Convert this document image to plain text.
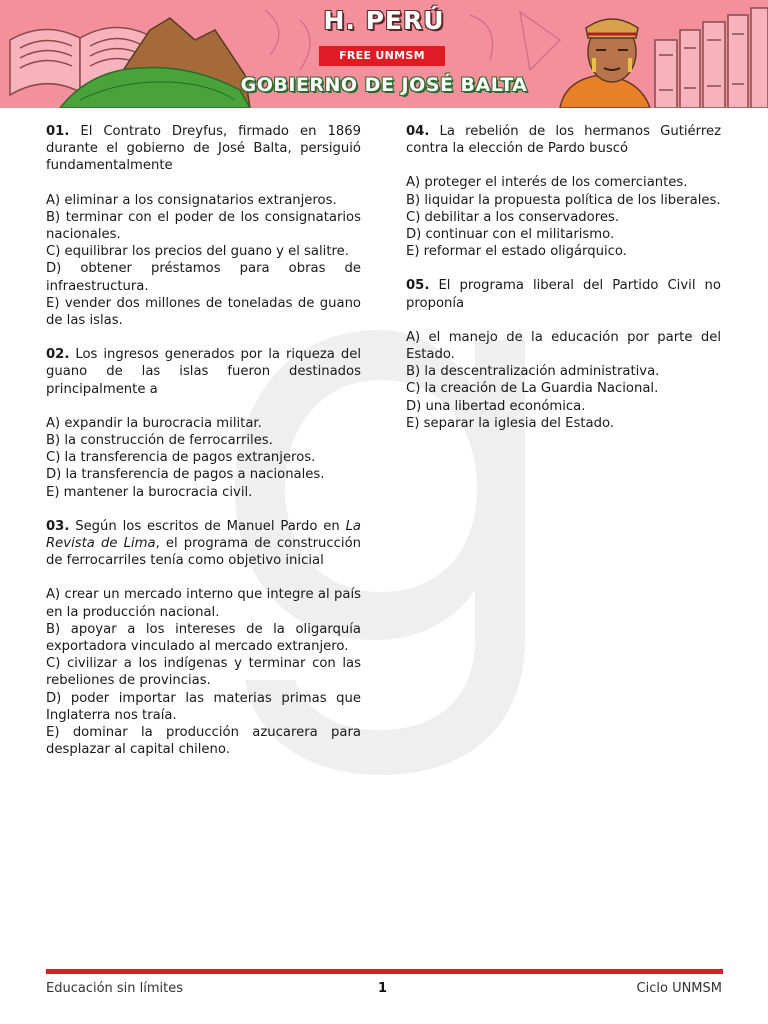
H. PERÚ
FREE UNMSM
GOBIERNO DE JOSÉ BALTA

01. El Contrato Dreyfus, firmado en 1869 durante el gobierno de José Balta, persiguió fundamentalmente

A) eliminar a los consignatarios extranjeros.

B) terminar con el poder de los consignatarios nacionales.

C) equilibrar los precios del guano y el salitre.

D) obtener préstamos para obras de infraestructura.

E) vender dos millones de toneladas de guano de las islas.

02. Los ingresos generados por la riqueza del guano de las islas fueron destinados principalmente a

A) expandir la burocracia militar.

B) la construcción de ferrocarriles.

C) la transferencia de pagos extranjeros.

D) la transferencia de pagos a nacionales.

E) mantener la burocracia civil.

03. Según los escritos de Manuel Pardo en La Revista de Lima, el programa de construcción de ferrocarriles tenía como objetivo inicial

A) crear un mercado interno que integre al país en la producción nacional.

B) apoyar a los intereses de la oligarquía exportadora vinculado al mercado extranjero.

C) civilizar a los indígenas y terminar con las rebeliones de provincias.

D) poder importar las materias primas que Inglaterra nos traía.

E) dominar la producción azucarera para desplazar al capital chileno.

04. La rebelión de los hermanos Gutiérrez contra la elección de Pardo buscó

A) proteger el interés de los comerciantes.

B) liquidar la propuesta política de los liberales.

C) debilitar a los conservadores.

D) continuar con el militarismo.

E) reformar el estado oligárquico.

05. El programa liberal del Partido Civil no proponía

A) el manejo de la educación por parte del Estado.

B) la descentralización administrativa.

C) la creación de La Guardia Nacional.

D) una libertad económica.

E) separar la iglesia del Estado.

Educación sin límites	1	Ciclo UNMSM
